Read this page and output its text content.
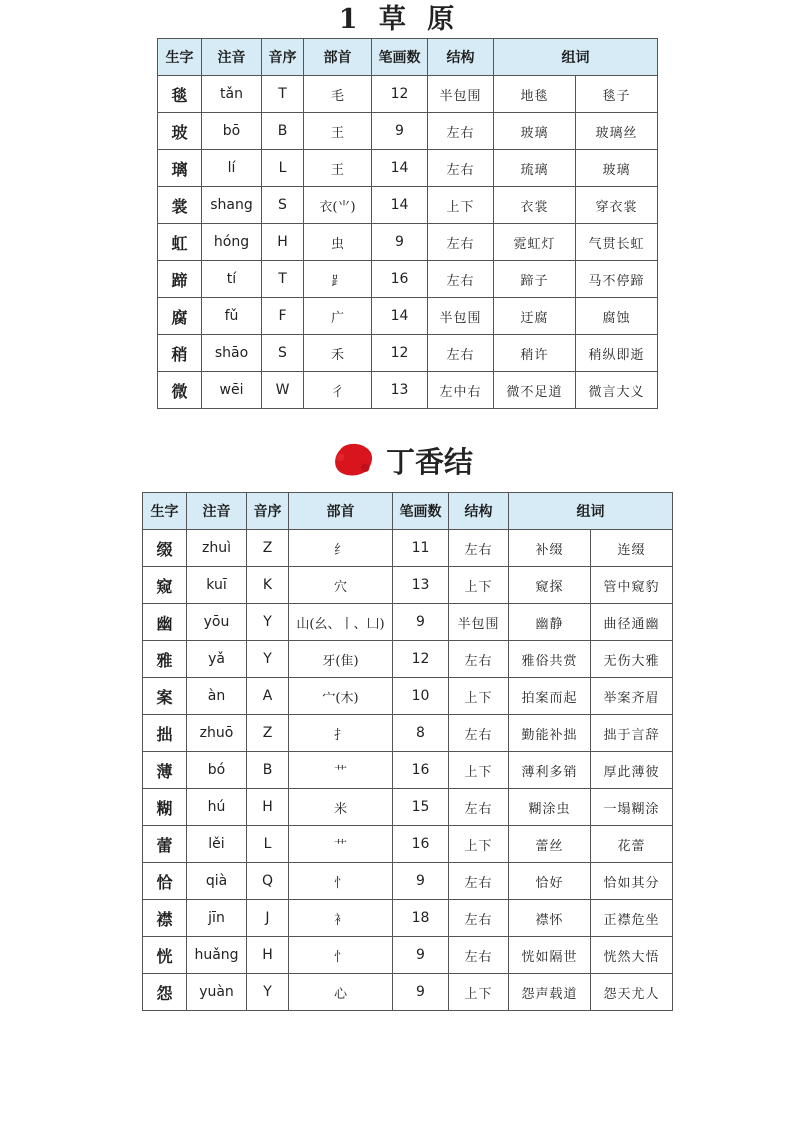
1 草 原
生字	注音	音序	部首	笔画数	结构	组词	
毯	tǎn	T	毛	12	半包围	地毯	毯子
玻	bō	B	王	9	左右	玻璃	玻璃丝
璃	lí	L	王	14	左右	琉璃	玻璃
裳	shang	S	衣(⺌)	14	上下	衣裳	穿衣裳
虹	hóng	H	虫	9	左右	霓虹灯	气贯长虹
蹄	tí	T	⻊	16	左右	蹄子	马不停蹄
腐	fǔ	F	广	14	半包围	迂腐	腐蚀
稍	shāo	S	禾	12	左右	稍许	稍纵即逝
微	wēi	W	彳	13	左中右	微不足道	微言大义
丁香结
生字	注音	音序	部首	笔画数	结构	组词	
缀	zhuì	Z	纟	11	左右	补缀	连缀
窥	kuī	K	穴	13	上下	窥探	管中窥豹
幽	yōu	Y	山(幺、丨、凵)	9	半包围	幽静	曲径通幽
雅	yǎ	Y	牙(隹)	12	左右	雅俗共赏	无伤大雅
案	àn	A	宀(木)	10	上下	拍案而起	举案齐眉
拙	zhuō	Z	扌	8	左右	勤能补拙	拙于言辞
薄	bó	B	艹	16	上下	薄利多销	厚此薄彼
糊	hú	H	米	15	左右	糊涂虫	一塌糊涂
蕾	lěi	L	艹	16	上下	蕾丝	花蕾
恰	qià	Q	忄	9	左右	恰好	恰如其分
襟	jīn	J	衤	18	左右	襟怀	正襟危坐
恍	huǎng	H	忄	9	左右	恍如隔世	恍然大悟
怨	yuàn	Y	心	9	上下	怨声载道	怨天尤人
